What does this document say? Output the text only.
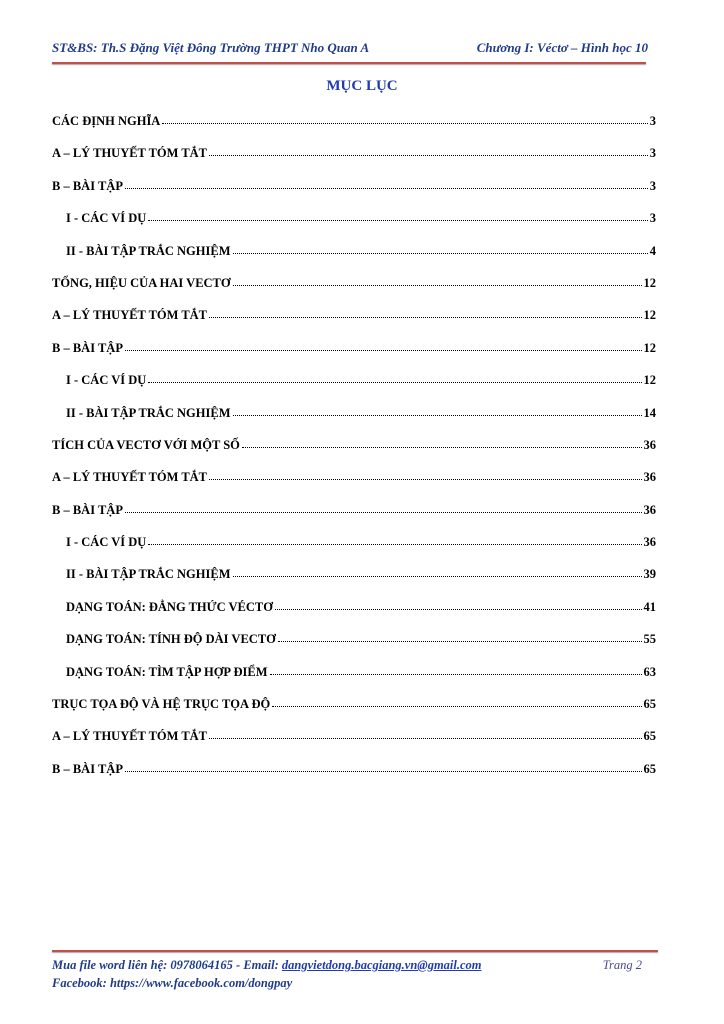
ST&BS: Th.S Đặng Việt Đông Trường THPT Nho Quan A	Chương I: Véctơ – Hình học 10
MỤC LỤC
CÁC ĐỊNH NGHĨA	3
A – LÝ THUYẾT TÓM TẮT	3
B – BÀI TẬP	3
I - CÁC VÍ DỤ	3
II - BÀI TẬP TRẮC NGHIỆM	4
TỔNG, HIỆU CỦA HAI VECTƠ	12
A – LÝ THUYẾT TÓM TẮT	12
B – BÀI TẬP	12
I - CÁC VÍ DỤ	12
II - BÀI TẬP TRẮC NGHIỆM	14
TÍCH CỦA VECTƠ VỚI MỘT SỐ	36
A – LÝ THUYẾT TÓM TẮT	36
B – BÀI TẬP	36
I - CÁC VÍ DỤ	36
II - BÀI TẬP TRẮC NGHIỆM	39
DẠNG TOÁN: ĐẲNG THỨC VÉCTƠ	41
DẠNG TOÁN: TÍNH ĐỘ DÀI VECTƠ	55
DẠNG TOÁN: TÌM TẬP HỢP ĐIỂM	63
TRỤC TỌA ĐỘ VÀ HỆ TRỤC TỌA ĐỘ	65
A – LÝ THUYẾT TÓM TẮT	65
B – BÀI TẬP	65
Mua file word liên hệ: 0978064165 - Email: dangvietdong.bacgiang.vn@gmail.com	Trang 2
Facebook: https://www.facebook.com/dongpay
